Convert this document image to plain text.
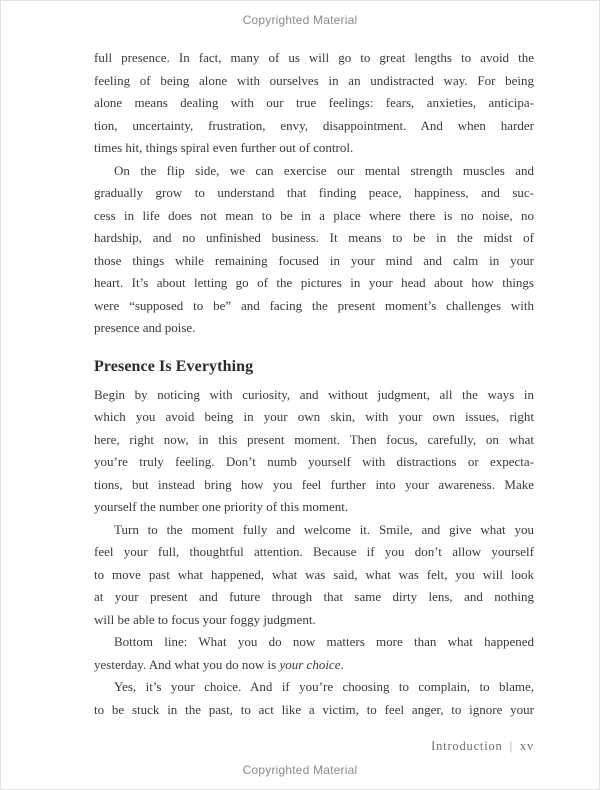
Copyrighted Material
full presence. In fact, many of us will go to great lengths to avoid the
feeling of being alone with ourselves in an undistracted way. For being
alone means dealing with our true feelings: fears, anxieties, anticipa-
tion, uncertainty, frustration, envy, disappointment. And when harder
times hit, things spiral even further out of control.
On the flip side, we can exercise our mental strength muscles and
gradually grow to understand that finding peace, happiness, and suc-
cess in life does not mean to be in a place where there is no noise, no
hardship, and no unfinished business. It means to be in the midst of
those things while remaining focused in your mind and calm in your
heart. It’s about letting go of the pictures in your head about how things
were “supposed to be” and facing the present moment’s challenges with
presence and poise.
Presence Is Everything
Begin by noticing with curiosity, and without judgment, all the ways in
which you avoid being in your own skin, with your own issues, right
here, right now, in this present moment. Then focus, carefully, on what
you’re truly feeling. Don’t numb yourself with distractions or expecta-
tions, but instead bring how you feel further into your awareness. Make
yourself the number one priority of this moment.
Turn to the moment fully and welcome it. Smile, and give what you
feel your full, thoughtful attention. Because if you don’t allow yourself
to move past what happened, what was said, what was felt, you will look
at your present and future through that same dirty lens, and nothing
will be able to focus your foggy judgment.
Bottom line: What you do now matters more than what happened
yesterday. And what you do now is your choice.
Yes, it’s your choice. And if you’re choosing to complain, to blame,
to be stuck in the past, to act like a victim, to feel anger, to ignore your
Introduction | xv
Copyrighted Material
